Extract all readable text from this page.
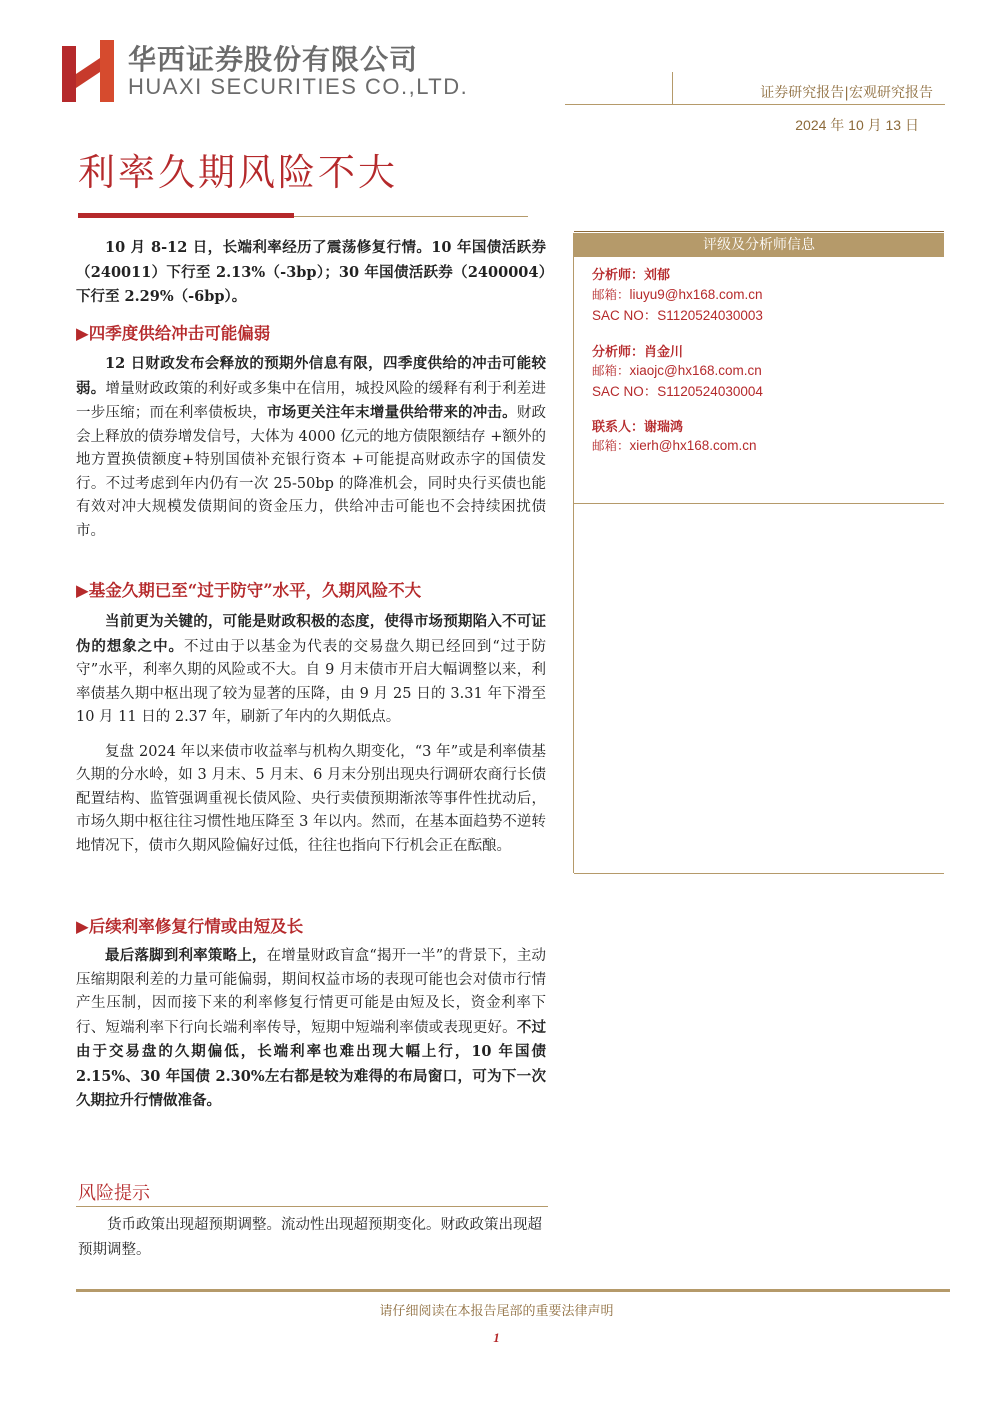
华西证券股份有限公司
HUAXI SECURITIES CO.,LTD.	证券研究报告|宏观研究报告
2024 年 10 月 13 日
利率久期风险不大

10 月 8-12 日，长端利率经历了震荡修复行情。10 年国债活跃券（240011）下行至 2.13%（-3bp）；30 年国债活跃券（2400004）下行至 2.29%（-6bp）。

▶四季度供给冲击可能偏弱

12 日财政发布会释放的预期外信息有限，四季度供给的冲击可能较弱。增量财政政策的利好或多集中在信用，城投风险的缓释有利于利差进一步压缩；而在利率债板块，市场更关注年末增量供给带来的冲击。财政会上释放的债券增发信号，大体为 4000 亿元的地方债限额结存 +额外的地方置换债额度+特别国债补充银行资本 +可能提高财政赤字的国债发行。不过考虑到年内仍有一次 25-50bp 的降准机会，同时央行买债也能有效对冲大规模发债期间的资金压力，供给冲击可能也不会持续困扰债市。

▶基金久期已至“过于防守”水平，久期风险不大

当前更为关键的，可能是财政积极的态度，使得市场预期陷入不可证伪的想象之中。不过由于以基金为代表的交易盘久期已经回到“过于防守”水平，利率久期的风险或不大。自 9 月末债市开启大幅调整以来，利率债基久期中枢出现了较为显著的压降，由 9 月 25 日的 3.31 年下滑至 10 月 11 日的 2.37 年，刷新了年内的久期低点。

复盘 2024 年以来债市收益率与机构久期变化，“3 年”或是利率债基久期的分水岭，如 3 月末、5 月末、6 月末分别出现央行调研农商行长债配置结构、监管强调重视长债风险、央行卖债预期渐浓等事件性扰动后，市场久期中枢往往习惯性地压降至 3 年以内。然而，在基本面趋势不逆转地情况下，债市久期风险偏好过低，往往也指向下行机会正在酝酿。

▶后续利率修复行情或由短及长

最后落脚到利率策略上，在增量财政盲盒“揭开一半”的背景下，主动压缩期限利差的力量可能偏弱，期间权益市场的表现可能也会对债市行情产生压制，因而接下来的利率修复行情更可能是由短及长，资金利率下行、短端利率下行向长端利率传导，短期中短端利率债或表现更好。不过由于交易盘的久期偏低，长端利率也难出现大幅上行，10 年国债 2.15%、30 年国债 2.30%左右都是较为难得的布局窗口，可为下一次久期拉升行情做准备。

风险提示

货币政策出现超预期调整。流动性出现超预期变化。财政政策出现超预期调整。

评级及分析师信息
分析师：刘郁
邮箱：liuyu9@hx168.com.cn
SAC NO：S1120524030003
分析师：肖金川
邮箱：xiaojc@hx168.com.cn
SAC NO：S1120524030004
联系人：谢瑞鸿
邮箱：xierh@hx168.com.cn
请仔细阅读在本报告尾部的重要法律声明
1
